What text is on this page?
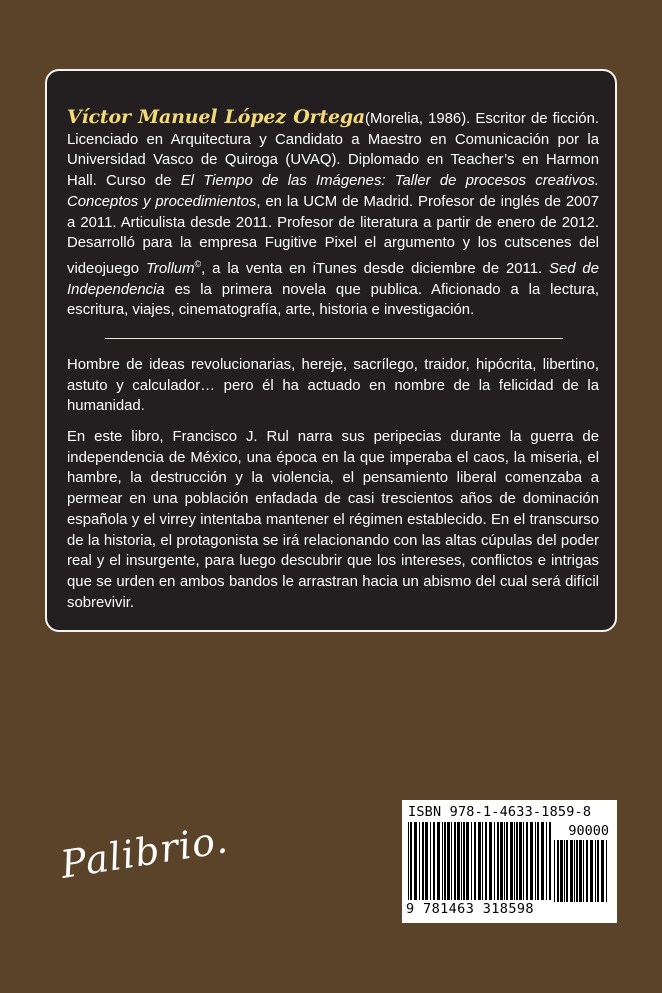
Víctor Manuel López Ortega(Morelia, 1986). Escritor de ficción. Licenciado en Arquitectura y Candidato a Maestro en Comunicación por la Universidad Vasco de Quiroga (UVAQ). Diplomado en Teacher’s en Harmon Hall. Curso de El Tiempo de las Imágenes: Taller de procesos creativos. Conceptos y procedimientos, en la UCM de Madrid. Profesor de inglés de 2007 a 2011. Articulista desde 2011. Profesor de literatura a partir de enero de 2012. Desarrolló para la empresa Fugitive Pixel el argumento y los cutscenes del videojuego Trollum©, a la venta en iTunes desde diciembre de 2011. Sed de Independencia es la primera novela que publica. Aficionado a la lectura, escritura, viajes, cinematografía, arte, historia e investigación.

Hombre de ideas revolucionarias, hereje, sacrílego, traidor, hipócrita, libertino, astuto y calculador… pero él ha actuado en nombre de la felicidad de la humanidad.

En este libro, Francisco J. Rul narra sus peripecias durante la guerra de independencia de México, una época en la que imperaba el caos, la miseria, el hambre, la destrucción y la violencia, el pensamiento liberal comenzaba a permear en una población enfadada de casi trescientos años de dominación española y el virrey intentaba mantener el régimen establecido. En el transcurso de la historia, el protagonista se irá relacionando con las altas cúpulas del poder real y el insurgente, para luego descubrir que los intereses, conflictos e intrigas que se urden en ambos bandos le arrastran hacia un abismo del cual será difícil sobrevivir.

Palibrio.
ISBN 978-1-4633-1859-8
90000
9 781463 318598
